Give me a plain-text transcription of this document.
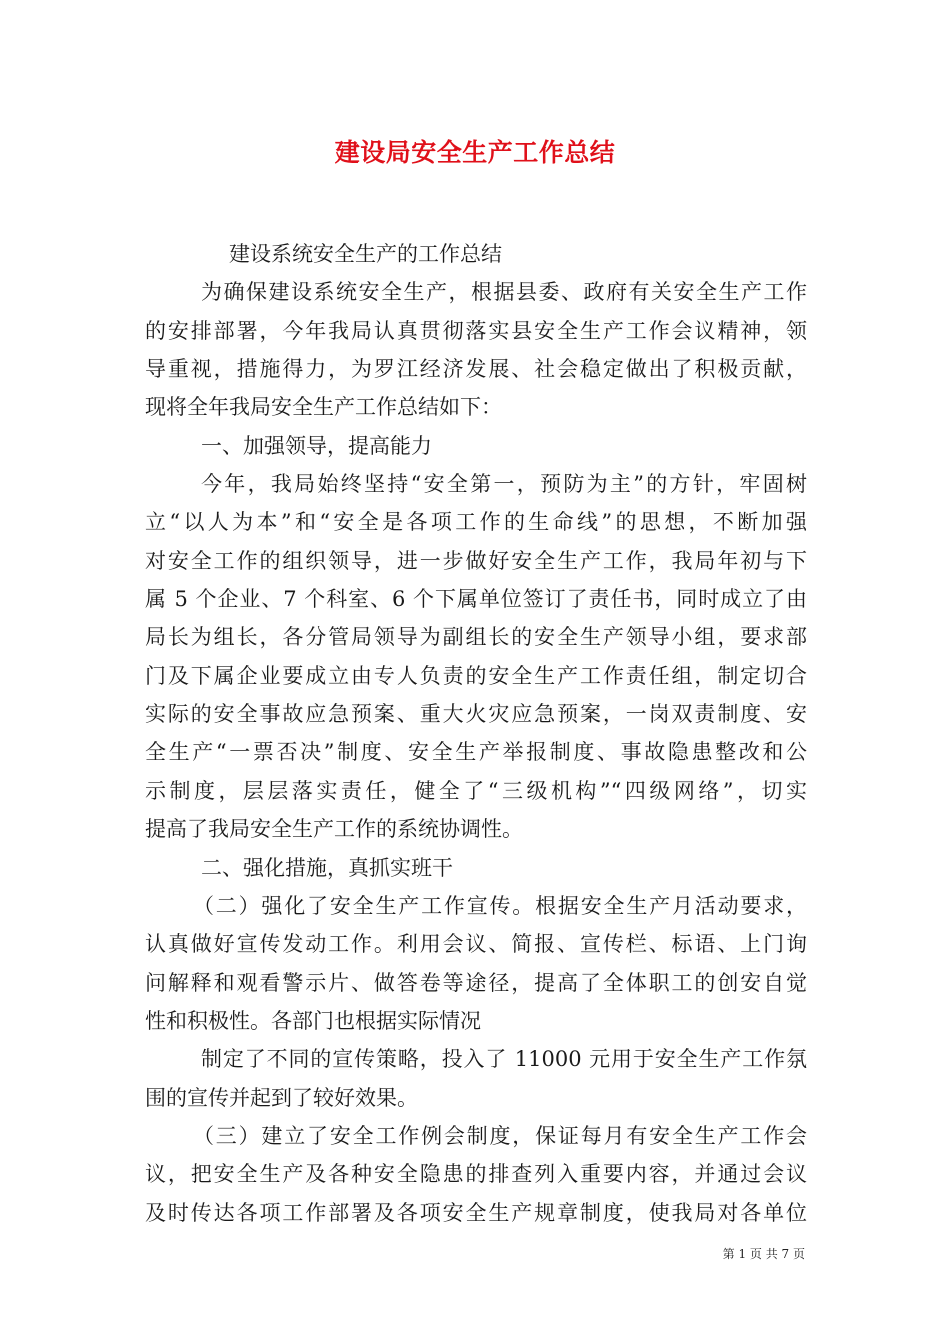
建设局安全生产工作总结
建设系统安全生产的工作总结
为确保建设系统安全生产，根据县委、政府有关安全生产工作
的安排部署，今年我局认真贯彻落实县安全生产工作会议精神，领
导重视，措施得力，为罗江经济发展、社会稳定做出了积极贡献，
现将全年我局安全生产工作总结如下：
一、加强领导，提高能力
今年，我局始终坚持“安全第一，预防为主”的方针，牢固树
立“以人为本”和“安全是各项工作的生命线”的思想，不断加强
对安全工作的组织领导，进一步做好安全生产工作，我局年初与下
属 5 个企业、7 个科室、6 个下属单位签订了责任书，同时成立了由
局长为组长，各分管局领导为副组长的安全生产领导小组，要求部
门及下属企业要成立由专人负责的安全生产工作责任组，制定切合
实际的安全事故应急预案、重大火灾应急预案，一岗双责制度、安
全生产“一票否决”制度、安全生产举报制度、事故隐患整改和公
示制度，层层落实责任，健全了“三级机构”“四级网络”，切实
提高了我局安全生产工作的系统协调性。
二、强化措施，真抓实班干
（二）强化了安全生产工作宣传。根据安全生产月活动要求，
认真做好宣传发动工作。利用会议、简报、宣传栏、标语、上门询
问解释和观看警示片、做答卷等途径，提高了全体职工的创安自觉
性和积极性。各部门也根据实际情况
制定了不同的宣传策略，投入了 11000 元用于安全生产工作氛
围的宣传并起到了较好效果。
（三）建立了安全工作例会制度，保证每月有安全生产工作会
议，把安全生产及各种安全隐患的排查列入重要内容，并通过会议
及时传达各项工作部署及各项安全生产规章制度，使我局对各单位
第 1 页 共 7 页
